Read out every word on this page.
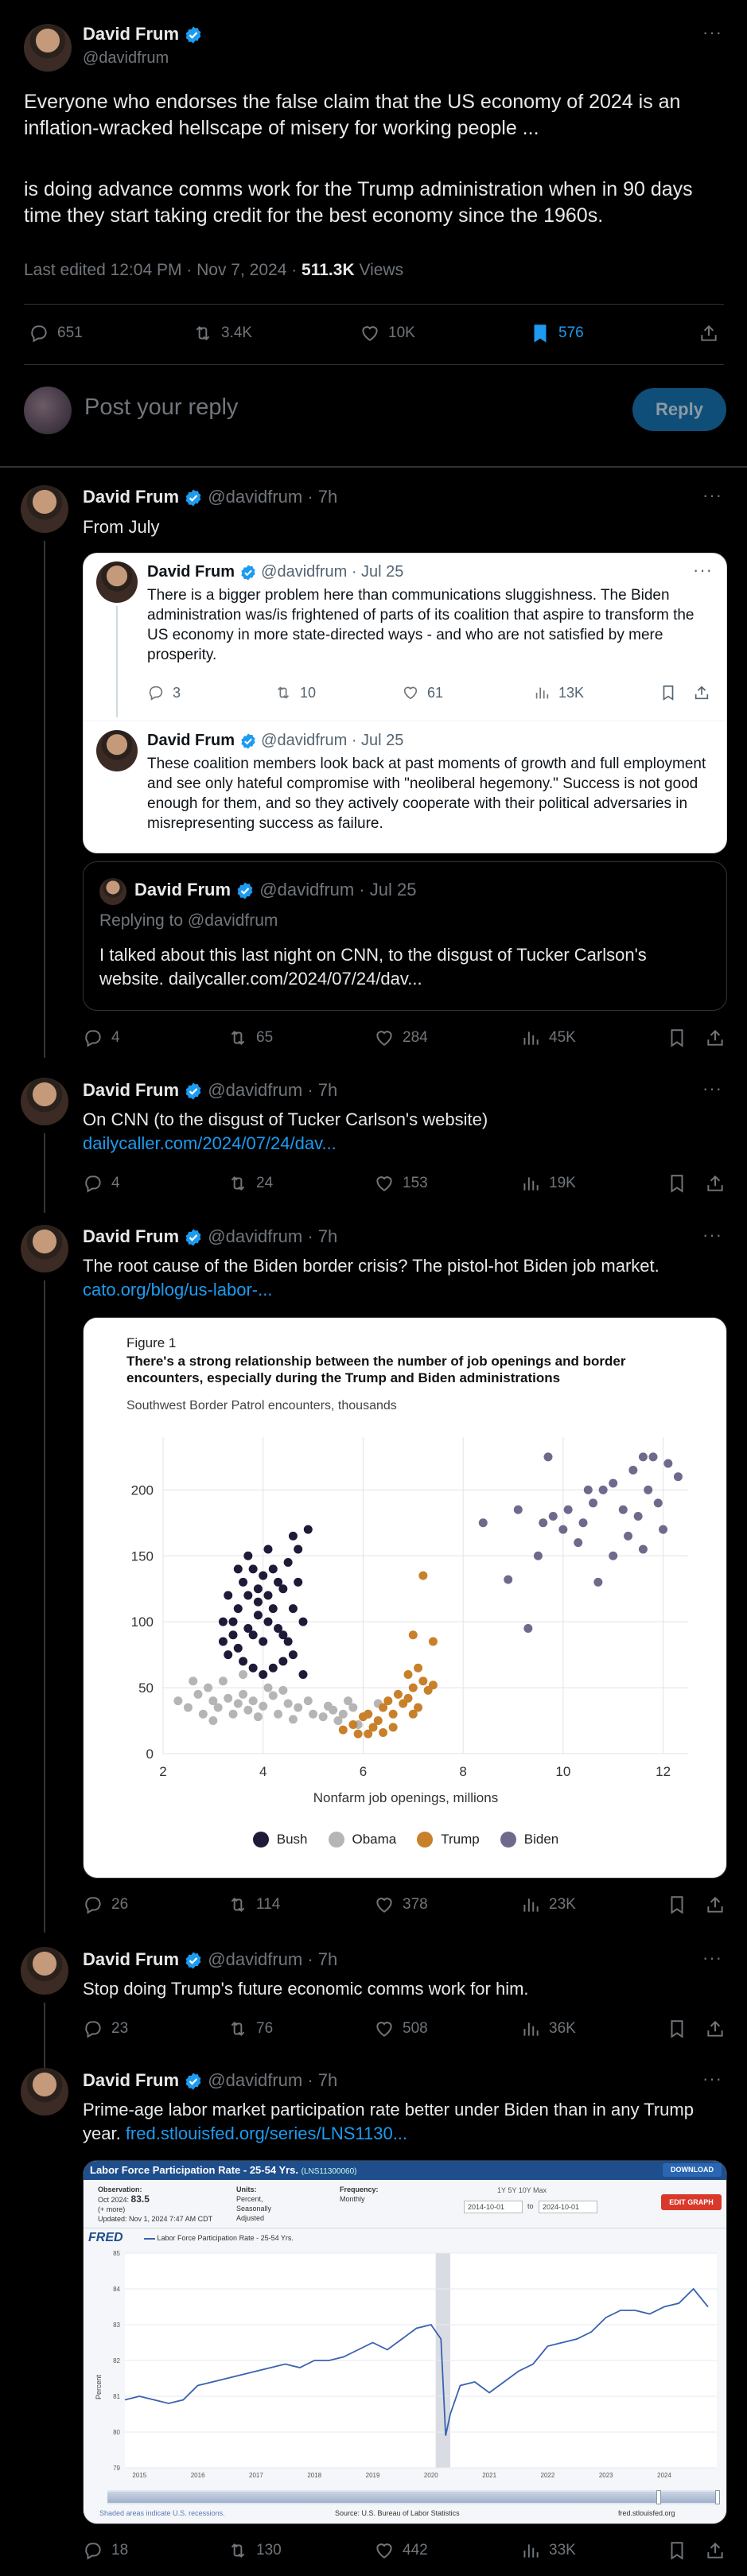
David Frum
@davidfrum
···
Everyone who endorses the false claim that the US economy of 2024 is an inflation-wracked hellscape of misery for working people ...
is doing advance comms work for the Trump administration when in 90 days time they start taking credit for the best economy since the 1960s.
Last edited 12:04 PM · Nov 7, 2024 · 511.3K Views
651	3.4K	10K	576
Post your reply	Reply
David Frum @davidfrum · 7h	···
From July
David Frum @davidfrum · Jul 25	···
There is a bigger problem here than communications sluggishness. The Biden administration was/is frightened of parts of its coalition that aspire to transform the US economy in more state-directed ways - and who are not satisfied by mere prosperity.
3	10	61	13K
David Frum @davidfrum · Jul 25
These coalition members look back at past moments of growth and full employment and see only hateful compromise with "neoliberal hegemony." Success is not good enough for them, and so they actively cooperate with their political adversaries in misrepresenting success as failure.
David Frum @davidfrum · Jul 25
Replying to @davidfrum
I talked about this last night on CNN, to the disgust of Tucker Carlson's website. dailycaller.com/2024/07/24/dav...
4	65	284	45K
David Frum @davidfrum · 7h	···
On CNN (to the disgust of Tucker Carlson's website)
dailycaller.com/2024/07/24/dav...
4	24	153	19K
David Frum @davidfrum · 7h	···
The root cause of the Biden border crisis? The pistol-hot Biden job market.
cato.org/blog/us-labor-...
Figure 1
There's a strong relationship between the number of job openings and border encounters, especially during the Trump and Biden administrations
Southwest Border Patrol encounters, thousands
0
50
100
150
200
2	4	6	8	10	12
Nonfarm job openings, millions
Bush	Obama	Trump	Biden
26	114	378	23K
David Frum @davidfrum · 7h	···
Stop doing Trump's future economic comms work for him.
23	76	508	36K
David Frum @davidfrum · 7h	···
Prime-age labor market participation rate better under Biden than in any Trump year. fred.stlouisfed.org/series/LNS1130...
Labor Force Participation Rate - 25-54 Yrs. (LNS11300060)	DOWNLOAD
Observation:
Oct 2024: 83.5
(+ more)
Updated: Nov 1, 2024 7:47 AM CDT
Units:
Percent, Seasonally Adjusted
Frequency:
Monthly
1Y 5Y 10Y Max
2014-10-01	to	2024-10-01
EDIT GRAPH
FRED	Labor Force Participation Rate - 25-54 Yrs.
85
84
83
82
81
80
79
2015	2016	2017	2018	2019	2020	2021	2022	2023	2024
Percent
Shaded areas indicate U.S. recessions.	Source: U.S. Bureau of Labor Statistics	fred.stlouisfed.org
18	130	442	33K
